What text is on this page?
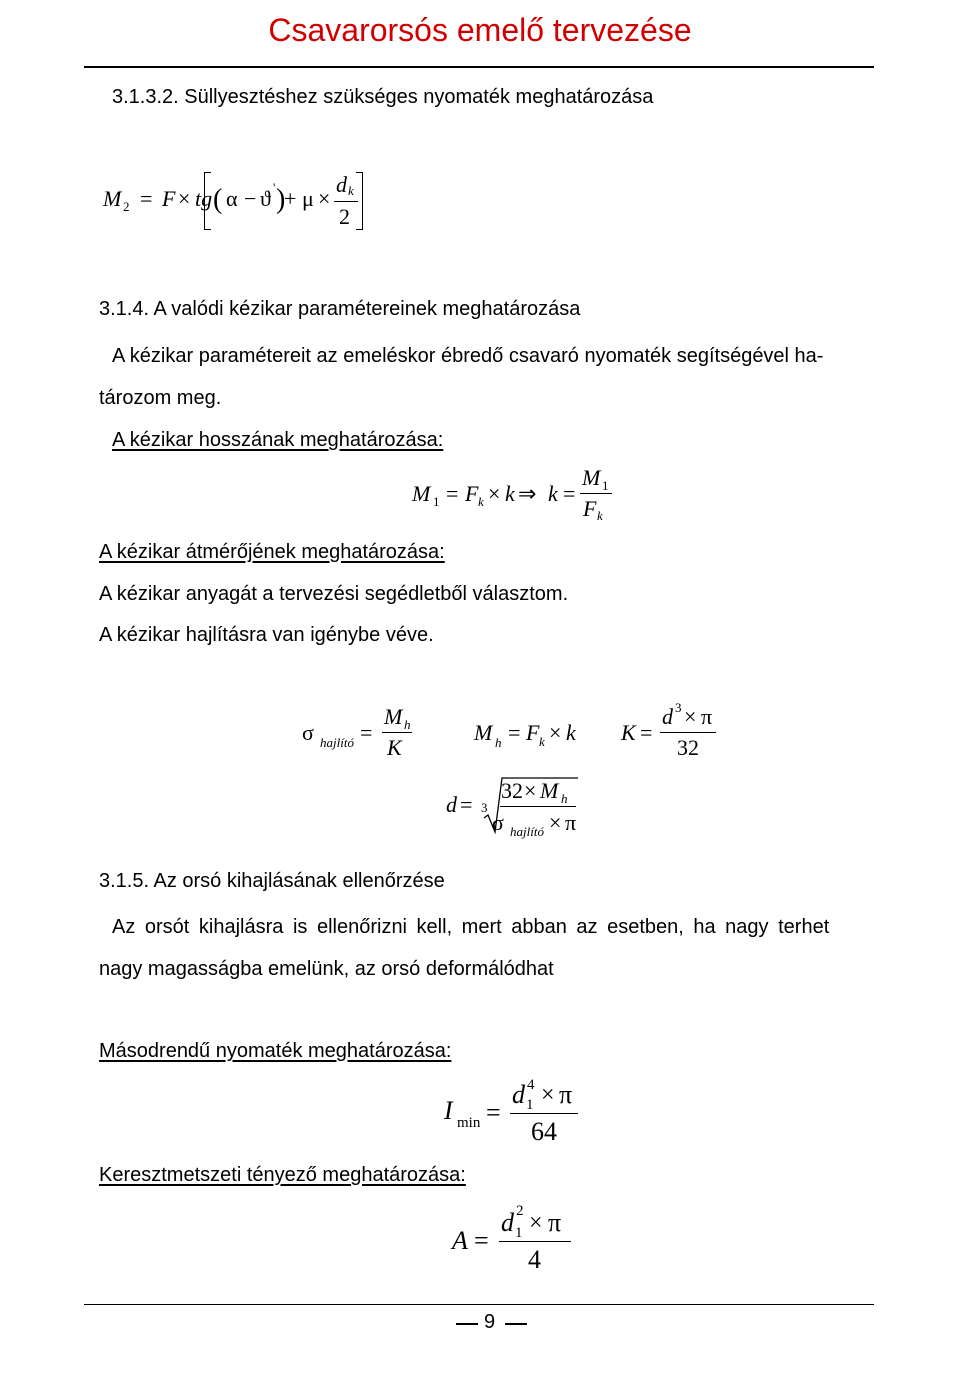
Csavarorsós emelő tervezése
3.1.3.2. Süllyesztéshez szükséges nyomaték meghatározása
M 2 = F × tg ( α − ϑ ' )
+ μ ×
d k
2
3.1.4. A valódi kézikar paramétereinek meghatározása
A kézikar paramétereit az emeléskor ébredő csavaró nyomaték segítségével ha-
tározom meg.
A kézikar hosszának meghatározása:
M 1 = F k × k ⇒ k =
M 1
F k
A kézikar átmérőjének meghatározása:
A kézikar anyagát a tervezési segédletből választom.
A kézikar hajlításra van igénybe véve.
σ hajlító =
M h
K
M h = F k × k K =
d 3 × π
32
d = 3
32 × M h
σ hajlító × π
3.1.5. Az orsó kihajlásának ellenőrzése
Az orsót kihajlásra is ellenőrizni kell, mert abban az esetben, ha nagy terhet
nagy magasságba emelünk, az orsó deformálódhat
Másodrendű nyomaték meghatározása:
I min =
d 1
4 × π
64
Keresztmetszeti tényező meghatározása:
A =
d 1
2 × π
4
9
